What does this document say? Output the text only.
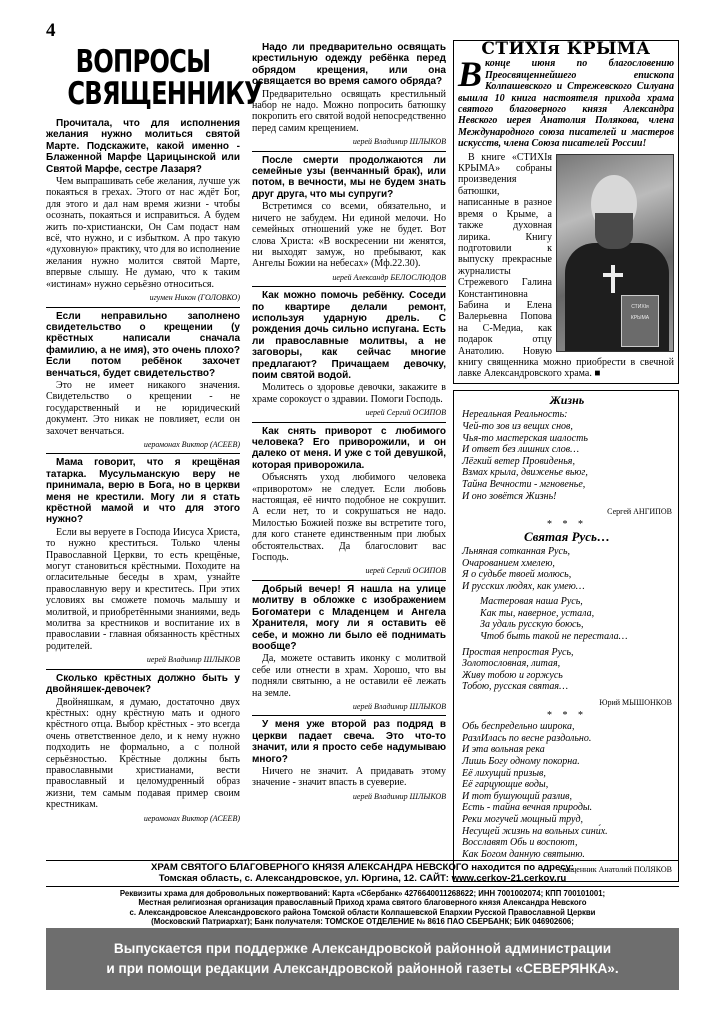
4
ВОПРОСЫ
СВЯЩЕННИКУ
Прочитала, что для исполнения желания нужно молиться святой Марте. Подскажите, какой именно - Блаженной Марфе Царицынской или Святой Марфе, сестре Лазаря?
Чем выпрашивать себе желания, лучше уж покаяться в грехах. Этого от нас ждёт Бог, для этого и дал нам время жизни - чтобы осознать, покаяться и исправиться. А будем жить по-христиански, Он Сам подаст нам всё, что нужно, и с избытком. А про такую «духовную» практику, что для во исполнение желания нужно молится святой Марте, впервые слышу. Не думаю, что к таким «истинам» нужно серьёзно относиться.
игумен Никон (ГОЛОВКО)
Если неправильно заполнено свидетельство о крещении (у крёстных написали сначала фамилию, а не имя), это очень плохо? Если потом ребёнок захочет венчаться, будет свидетельство?
Это не имеет никакого значения. Свидетельство о крещении - не государственный и не юридический документ. Это никак не повлияет, если он захочет венчаться.
иеромонах Виктор (АСЕЕВ)
Мама говорит, что я крещёная татарка. Мусульманскую веру не принимала, верю в Бога, но в церкви меня не крестили. Могу ли я стать крёстной мамой и что для этого нужно?
Если вы веруете в Господа Иисуса Христа, то нужно креститься. Только члены Православной Церкви, то есть крещёные, могут становиться крёстными. Походите на огласительные беседы в храм, узнайте православную веру и креститесь. При этих условиях вы сможете помочь малышу и молитвой, и приобретёнными знаниями, ведь молитва за крестников и воспитание их в православии - главная обязанность крёстных родителей.
иерей Владимир ШЛЫКОВ
Сколько крёстных должно быть у двойняшек-девочек?
Двойняшкам, я думаю, достаточно двух крёстных: одну крёстную мать и одного крёстного отца. Выбор крёстных - это всегда очень ответственное дело, и к нему нужно подходить не формально, а с полной серьёзностью. Крёстные должны быть православными христианами, вести православный и целомудренный образ жизни, тем самым подавая пример своим крестникам.
иеромонах Виктор (АСЕЕВ)
Надо ли предварительно освящать крестильную одежду ребёнка перед обрядом крещения, или она освящается во время самого обряда?
Предварительно освящать крестильный набор не надо. Можно попросить батюшку покропить его святой водой непосредственно перед самим крещением.
иерей Владимир ШЛЫКОВ
После смерти продолжаются ли семейные узы (венчанный брак), или потом, в вечности, мы не будем знать друг друга, что мы супруги?
Встретимся со всеми, обязательно, и ничего не забудем. Ни единой мелочи. Но семейных отношений уже не будет. Вот слова Христа: «В воскресении ни женятся, ни выходят замуж, но пребывают, как Ангелы Божии на небесах» (Мф.22.30).
иерей Александр БЕЛОСЛЮДОВ
Как можно помочь ребёнку. Соседи по квартире делали ремонт, используя ударную дрель. С рождения дочь сильно испугана. Есть ли православные молитвы, а не заговоры, как сейчас многие предлагают? Причащаем девочку, поим святой водой.
Молитесь о здоровье девочки, закажите в храме сорокоуст о здравии. Помоги Господь.
иерей Сергий ОСИПОВ
Как снять приворот с любимого человека? Его приворожили, и он далеко от меня. И уже с той девушкой, которая приворожила.
Объяснять уход любимого человека «приворотом» не следует. Если любовь настоящая, её ничто подобное не сокрушит. А если нет, то и сокрушаться не надо. Милостью Божией позже вы встретите того, для кого станете единственным при любых обстоятельствах. Да благословит вас Господь.
иерей Сергий ОСИПОВ
Добрый вечер! Я нашла на улице молитву в обложке с изображением Богоматери с Младенцем и Ангела Хранителя, могу ли я оставить её себе, и можно ли было её поднимать вообще?
Да, можете оставить иконку с молитвой себе или отнести в храм. Хорошо, что вы подняли святыню, а не оставили её лежать на земле.
иерей Владимир ШЛЫКОВ
У меня уже второй раз подряд в церкви падает свеча. Это что-то значит, или я просто себе надумываю много?
Ничего не значит. А придавать этому значение - значит впасть в суеверие.
иерей Владимир ШЛЫКОВ
СТИХIя КРЫМА
Вконце июня по благословению Преосвященнейшего епископа Колпашевского и Стрежевского Силуана вышла 10 книга настоятеля прихода храма святого благоверного князя Александра Невского иерея Анатолия Полякова, члена Международного союза писателей и мастеров искусств, члена Союза писателей России!
СТИХIя КРЫМА
В книге «СТИХIя КРЫМА» собраны произведения батюшки, написанные в разное время о Крыме, а также духовная лирика. Книгу подготовили к выпуску прекрасные журналисты Стрежевого Галина Константиновна Бабина и Елена Валерьевна Попова на С-Медиа, как подарок отцу Анатолию. Новую книгу священника можно приобрести в свечной лавке Александровского храма. ■
Жизнь
Нереальная Реальность:
Чей-то зов из вещих снов,
Чья-то мастерская шалость
И ответ без лишних слов…
Лёгкий ветер Провиденья,
Взмах крыла, движенье вьюг,
Тайна Вечности - мгновенье,
И оно зовётся Жизнь!
Сергей АНГИПОВ
* * *
Святая Русь…
Льняная сотканная Русь,
Очарованием хмелею,
Я о судьбе твоей молюсь,
И русских людях, как умею…
Мастеровая наша Русь,
Как ты, наверное, устала,
За удаль русскую боюсь,
Чтоб быть такой не перестала…
Простая непростая Русь,
Золотословная, литая,
Живу тобою и горжусь
Тобою, русская святая…
Юрий МЫШОНКОВ
* * *
Обь беспредельно широка,
РазлИлась по весне раздольно.
И эта вольная река
Лишь Богу одному покорна.
Её лихущий призыв,
Её гарцующие воды,
И тот бушующий разлив,
Есть - тайна вечная природы.
Реки могучей мощный труд,
Несущей жизнь на вольных сини́х.
Восславят Обь и воспоют,
Как Богом данную святыню.
священник Анатолий ПОЛЯКОВ
ХРАМ СВЯТОГО БЛАГОВЕРНОГО КНЯЗЯ АЛЕКСАНДРА НЕВСКОГО находится по адресу:
Томская область, с. Александровское, ул. Юргина, 12. САЙТ: www.cerkov-21.cerkov.ru
Реквизиты храма для добровольных пожертвований: Карта «Сбербанк» 4276640011268622; ИНН 7001002074; КПП 700101001;
Местная религиозная организация православный Приход храма святого благоверного князя Александра Невского
с. Александровское Александровского района Томской области Колпашевской Епархии Русской Православной Церкви
(Московский Патриархат); Банк получателя: ТОМСКОЕ ОТДЕЛЕНИЕ № 8616 ПАО СБЕРБАНК; БИК 046902606;
Выпускается при поддержке Александровской районной администрации
и при помощи редакции Александровской районной газеты «СЕВЕРЯНКА».
